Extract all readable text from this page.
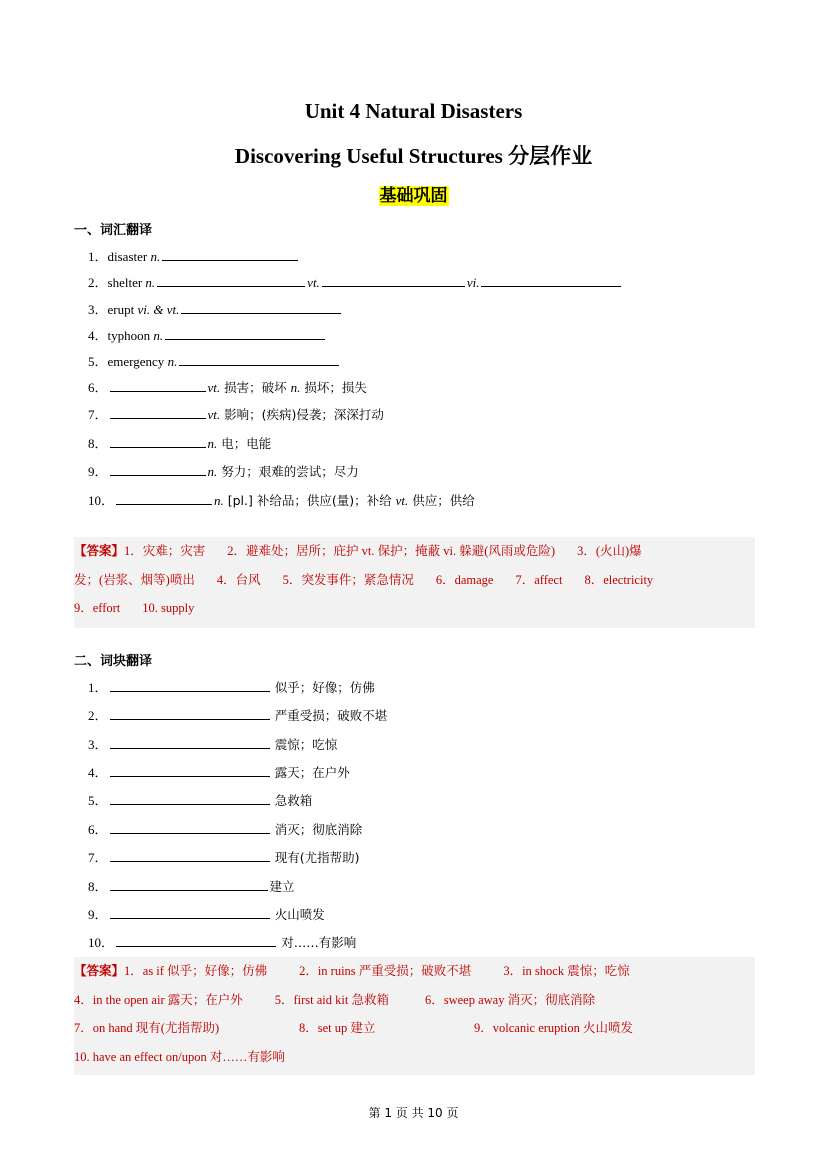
Unit 4 Natural Disasters
Discovering Useful Structures 分层作业
基础巩固
一、词汇翻译
1．disaster n.
2．shelter n.	vt.	vi.
3．erupt vi. & vt.
4．typhoon n.
5．emergency n.
6．	vt. 损害；破坏 n. 损坏；损失
7．	vt. 影响；(疾病)侵袭；深深打动
8．	n. 电；电能
9．	n. 努力；艰难的尝试；尽力
10．	n. [pl.] 补给品；供应(量)；补给 vt. 供应；供给
【答案】1．灾难；灾害 2．避难处；居所；庇护 vt. 保护；掩蔽 vi. 躲避(风雨或危险) 3．(火山)爆
发；(岩浆、烟等)喷出 4．台风 5．突发事件；紧急情况 6．damage 7．affect 8．electricity
9．effort 10. supply
二、词块翻译
1．	似乎；好像；仿佛
2．	严重受损；破败不堪
3．	震惊；吃惊
4．	露天；在户外
5．	急救箱
6．	消灭；彻底消除
7．	现有(尤指帮助)
8．	建立
9．	火山喷发
10．	对……有影响
【答案】1．as if 似乎；好像；仿佛	2．in ruins 严重受损；破败不堪	3．in shock 震惊；吃惊
4．in the open air 露天；在户外	5．first aid kit 急救箱	6．sweep away 消灭；彻底消除
7．on hand 现有(尤指帮助)	8．set up 建立	9．volcanic eruption 火山喷发
10. have an effect on/upon 对……有影响
第 1 页 共 10 页
